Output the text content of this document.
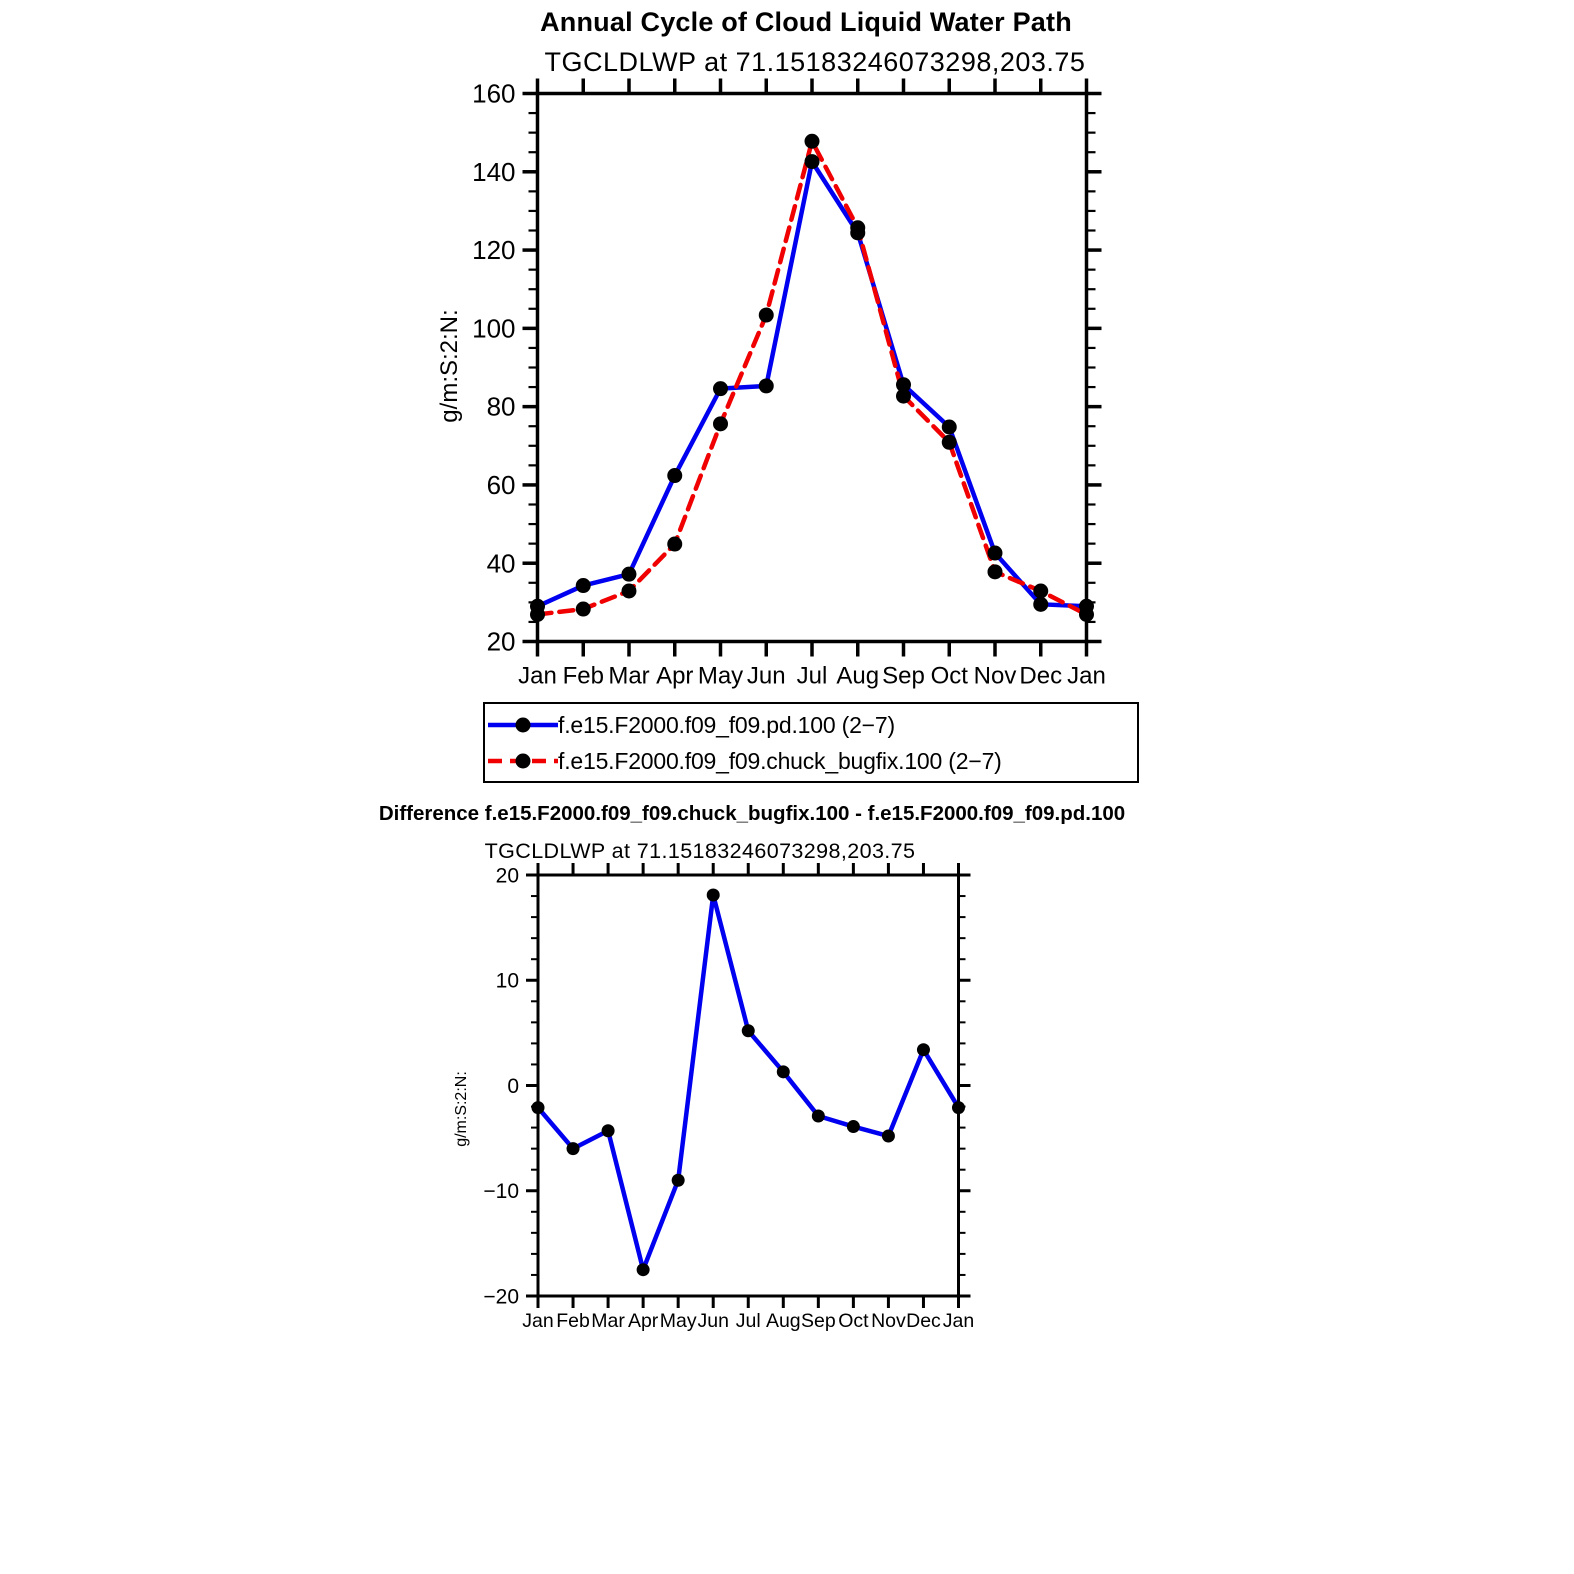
Annual Cycle of Cloud Liquid Water Path
TGCLDLWP at 71.15183246073298,203.75
g/m:S:2:N:
20
40
60
80
100
120
140
160
Jan Feb Mar Apr May Jun Jul Aug Sep Oct Nov Dec Jan
f.e15.F2000.f09_f09.pd.100 (2−7)
f.e15.F2000.f09_f09.chuck_bugfix.100 (2−7)
Difference f.e15.F2000.f09_f09.chuck_bugfix.100 - f.e15.F2000.f09_f09.pd.100
TGCLDLWP at 71.15183246073298,203.75
g/m:S:2:N:
−20
−10
0
10
20
Jan Feb Mar Apr May Jun Jul Aug Sep Oct Nov Dec Jan
